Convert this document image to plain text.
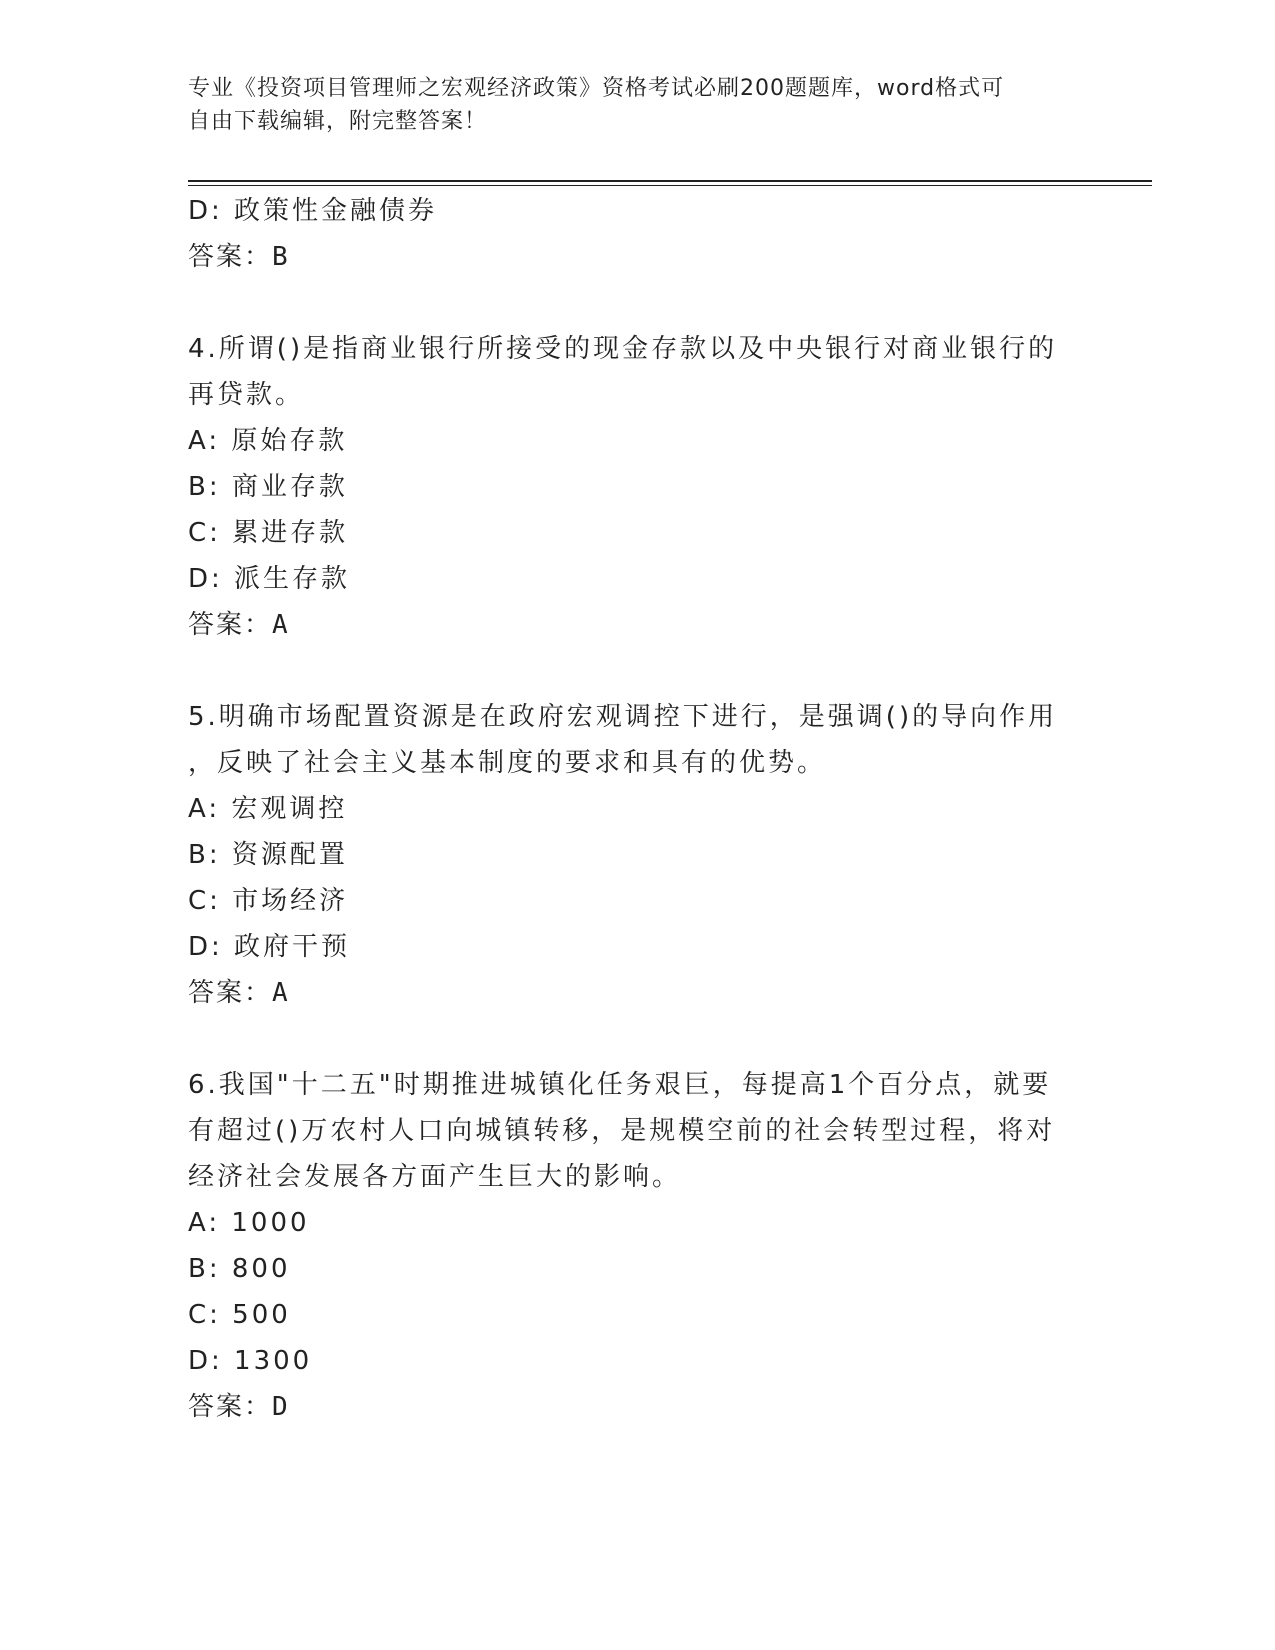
专业《投资项目管理师之宏观经济政策》资格考试必刷200题题库，word格式可
自由下载编辑，附完整答案！
D: 政策性金融债券
答案：B
4.所谓()是指商业银行所接受的现金存款以及中央银行对商业银行的
再贷款。
A: 原始存款
B: 商业存款
C: 累进存款
D: 派生存款
答案：A
5.明确市场配置资源是在政府宏观调控下进行，是强调()的导向作用
，反映了社会主义基本制度的要求和具有的优势。
A: 宏观调控
B: 资源配置
C: 市场经济
D: 政府干预
答案：A
6.我国"十二五"时期推进城镇化任务艰巨，每提高1个百分点，就要
有超过()万农村人口向城镇转移，是规模空前的社会转型过程，将对
经济社会发展各方面产生巨大的影响。
A: 1000
B: 800
C: 500
D: 1300
答案：D
